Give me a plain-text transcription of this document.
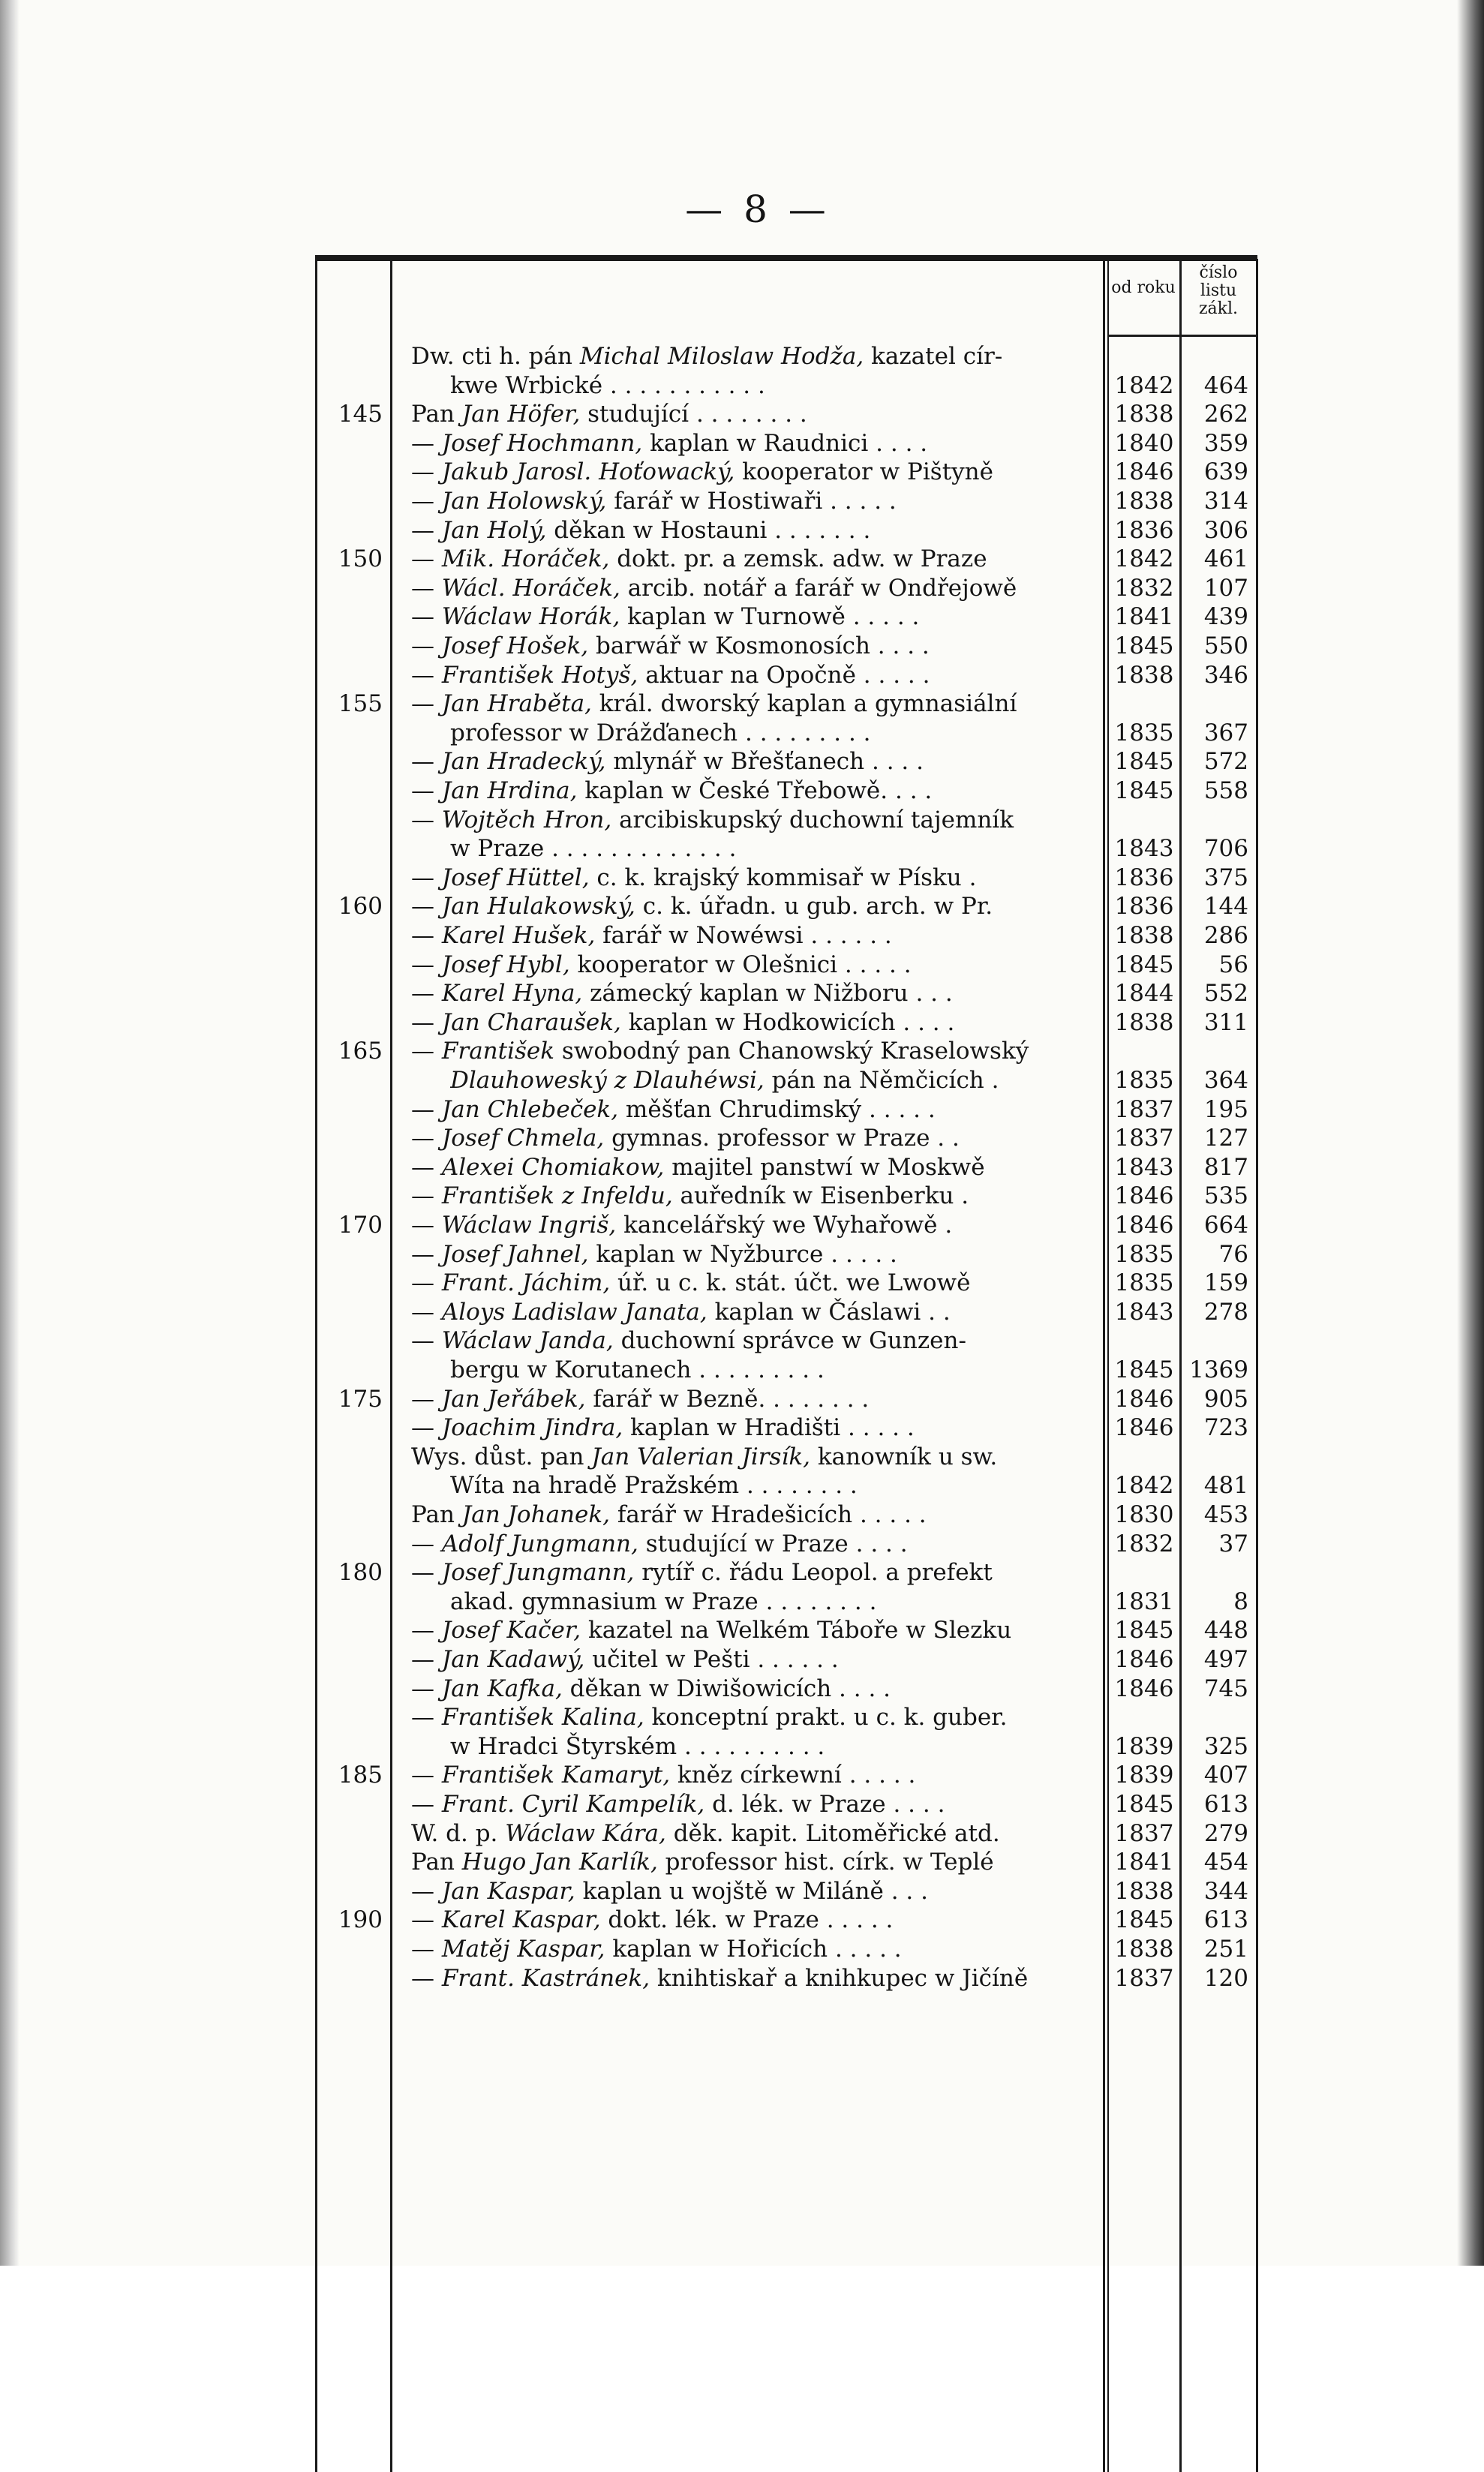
— 8 —
od roku
číslo listu zákl.
Dw. cti h. pán Michal Miloslaw Hodža, kazatel cír-
kwe Wrbické . . . . . . . . . . .	1842	464
145 Pan Jan Höfer, studující . . . . . . . .	1838	262
— Josef Hochmann, kaplan w Raudnici . . . .	1840	359
— Jakub Jarosl. Hoťowacký, kooperator w Pištyně	1846	639
— Jan Holowský, farář w Hostiwaři . . . . .	1838	314
— Jan Holý, děkan w Hostauni . . . . . . .	1836	306
150 — Mik. Horáček, dokt. pr. a zemsk. adw. w Praze	1842	461
— Wácl. Horáček, arcib. notář a farář w Ondřejowě	1832	107
— Wáclaw Horák, kaplan w Turnowě . . . . .	1841	439
— Josef Hošek, barwář w Kosmonosích . . . .	1845	550
— František Hotyš, aktuar na Opočně . . . . .	1838	346
155 — Jan Hraběta, král. dworský kaplan a gymnasiální
professor w Drážďanech . . . . . . . . .	1835	367
— Jan Hradecký, mlynář w Břešťanech . . . .	1845	572
— Jan Hrdina, kaplan w České Třebowě. . . .	1845	558
— Wojtěch Hron, arcibiskupský duchowní tajemník
w Praze . . . . . . . . . . . . .	1843	706
— Josef Hüttel, c. k. krajský kommisař w Písku .	1836	375
160 — Jan Hulakowský, c. k. úřadn. u gub. arch. w Pr.	1836	144
— Karel Hušek, farář w Nowéwsi . . . . . .	1838	286
— Josef Hybl, kooperator w Olešnici . . . . .	1845	56
— Karel Hyna, zámecký kaplan w Nižboru . . .	1844	552
— Jan Charaušek, kaplan w Hodkowicích . . . .	1838	311
165 — František swobodný pan Chanowský Kraselowský
Dlauhoweský z Dlauhéwsi, pán na Němčicích .	1835	364
— Jan Chlebeček, měšťan Chrudimský . . . . .	1837	195
— Josef Chmela, gymnas. professor w Praze . .	1837	127
— Alexei Chomiakow, majitel panstwí w Moskwě	1843	817
— František z Infeldu, auředník w Eisenberku .	1846	535
170 — Wáclaw Ingriš, kancelářský we Wyhařowě .	1846	664
— Josef Jahnel, kaplan w Nyžburce . . . . .	1835	76
— Frant. Jáchim, úř. u c. k. stát. účt. we Lwowě	1835	159
— Aloys Ladislaw Janata, kaplan w Čáslawi . .	1843	278
— Wáclaw Janda, duchowní správce w Gunzen-
bergu w Korutanech . . . . . . . . .	1845 1369
175 — Jan Jeřábek, farář w Bezně. . . . . . . .	1846	905
— Joachim Jindra, kaplan w Hradišti . . . . .	1846	723
Wys. důst. pan Jan Valerian Jirsík, kanowník u sw.
Wíta na hradě Pražském . . . . . . . .	1842	481
Pan Jan Johanek, farář w Hradešicích . . . . .	1830	453
— Adolf Jungmann, studující w Praze . . . .	1832	37
180 — Josef Jungmann, rytíř c. řádu Leopol. a prefekt
akad. gymnasium w Praze . . . . . . . .	1831	8
— Josef Kačer, kazatel na Welkém Táboře w Slezku	1845	448
— Jan Kadawý, učitel w Pešti . . . . . .	1846	497
— Jan Kafka, děkan w Diwišowicích . . . .	1846	745
— František Kalina, konceptní prakt. u c. k. guber.
w Hradci Štyrském . . . . . . . . . .	1839	325
185 — František Kamaryt, kněz církewní . . . . .	1839	407
— Frant. Cyril Kampelík, d. lék. w Praze . . . .	1845	613
W. d. p. Wáclaw Kára, děk. kapit. Litoměřické atd.	1837	279
Pan Hugo Jan Karlík, professor hist. círk. w Teplé	1841	454
— Jan Kaspar, kaplan u wojště w Miláně . . .	1838	344
190 — Karel Kaspar, dokt. lék. w Praze . . . . .	1845	613
— Matěj Kaspar, kaplan w Hořicích . . . . .	1838	251
— Frant. Kastránek, knihtiskař a knihkupec w Jičíně	1837	120
